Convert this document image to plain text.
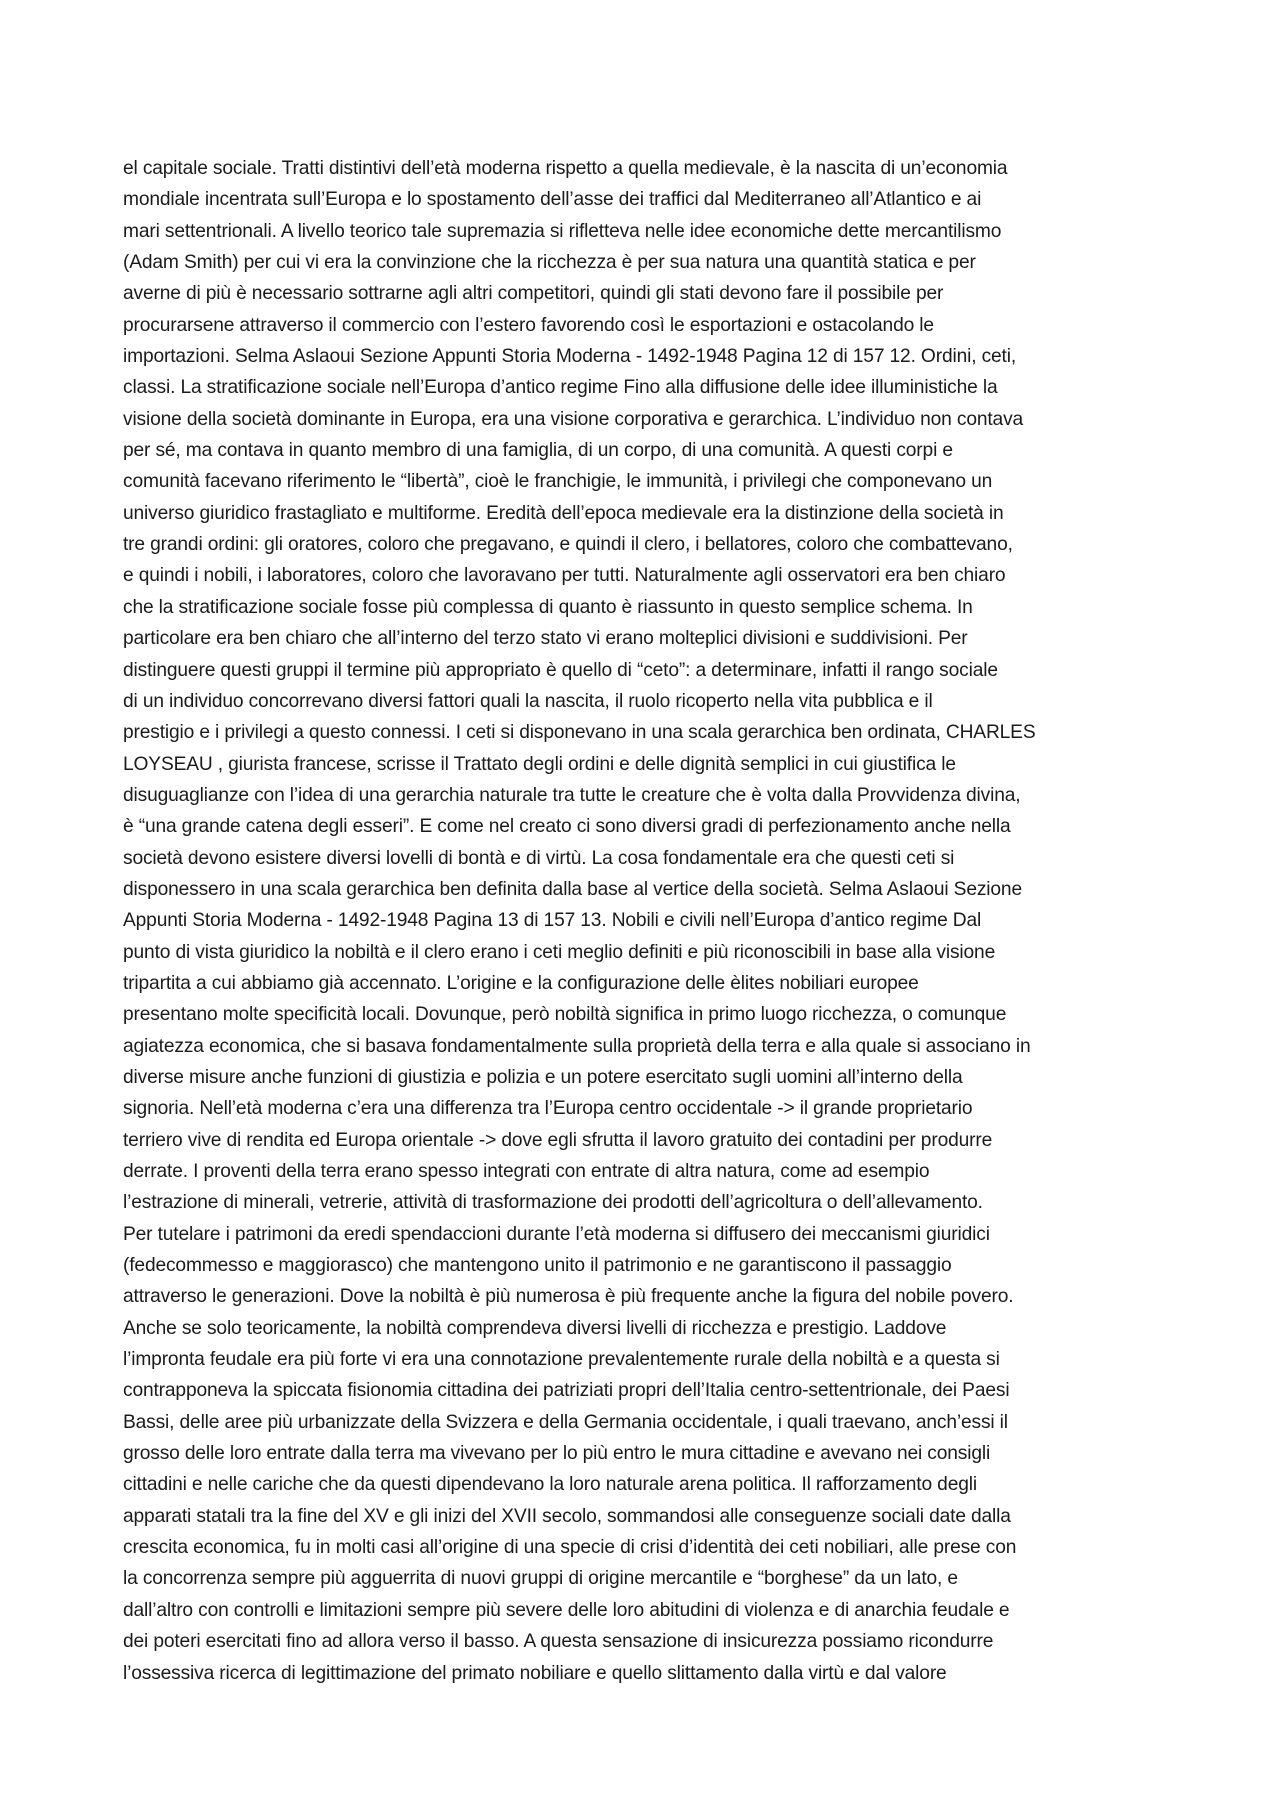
el capitale sociale. Tratti distintivi dell’età moderna rispetto a quella medievale, è la nascita di un’economia
mondiale incentrata sull’Europa e lo spostamento dell’asse dei traffici dal Mediterraneo all’Atlantico e ai
mari settentrionali. A livello teorico tale supremazia si rifletteva nelle idee economiche dette mercantilismo
(Adam Smith) per cui vi era la convinzione che la ricchezza è per sua natura una quantità statica e per
averne di più è necessario sottrarne agli altri competitori, quindi gli stati devono fare il possibile per
procurarsene attraverso il commercio con l’estero favorendo così le esportazioni e ostacolando le
importazioni. Selma Aslaoui Sezione Appunti Storia Moderna - 1492-1948 Pagina 12 di 157 12. Ordini, ceti,
classi. La stratificazione sociale nell’Europa d’antico regime Fino alla diffusione delle idee illuministiche la
visione della società dominante in Europa, era una visione corporativa e gerarchica. L’individuo non contava
per sé, ma contava in quanto membro di una famiglia, di un corpo, di una comunità. A questi corpi e
comunità facevano riferimento le “libertà”, cioè le franchigie, le immunità, i privilegi che componevano un
universo giuridico frastagliato e multiforme. Eredità dell’epoca medievale era la distinzione della società in
tre grandi ordini: gli oratores, coloro che pregavano, e quindi il clero, i bellatores, coloro che combattevano,
e quindi i nobili, i laboratores, coloro che lavoravano per tutti. Naturalmente agli osservatori era ben chiaro
che la stratificazione sociale fosse più complessa di quanto è riassunto in questo semplice schema. In
particolare era ben chiaro che all’interno del terzo stato vi erano molteplici divisioni e suddivisioni. Per
distinguere questi gruppi il termine più appropriato è quello di “ceto”: a determinare, infatti il rango sociale
di un individuo concorrevano diversi fattori quali la nascita, il ruolo ricoperto nella vita pubblica e il
prestigio e i privilegi a questo connessi. I ceti si disponevano in una scala gerarchica ben ordinata, CHARLES
LOYSEAU , giurista francese, scrisse il Trattato degli ordini e delle dignità semplici in cui giustifica le
disuguaglianze con l’idea di una gerarchia naturale tra tutte le creature che è volta dalla Provvidenza divina,
è “una grande catena degli esseri”. E come nel creato ci sono diversi gradi di perfezionamento anche nella
società devono esistere diversi lovelli di bontà e di virtù. La cosa fondamentale era che questi ceti si
disponessero in una scala gerarchica ben definita dalla base al vertice della società. Selma Aslaoui Sezione
Appunti Storia Moderna - 1492-1948 Pagina 13 di 157 13. Nobili e civili nell’Europa d’antico regime Dal
punto di vista giuridico la nobiltà e il clero erano i ceti meglio definiti e più riconoscibili in base alla visione
tripartita a cui abbiamo già accennato. L’origine e la configurazione delle èlites nobiliari europee
presentano molte specificità locali. Dovunque, però nobiltà significa in primo luogo ricchezza, o comunque
agiatezza economica, che si basava fondamentalmente sulla proprietà della terra e alla quale si associano in
diverse misure anche funzioni di giustizia e polizia e un potere esercitato sugli uomini all’interno della
signoria. Nell’età moderna c’era una differenza tra l’Europa centro occidentale -> il grande proprietario
terriero vive di rendita ed Europa orientale -> dove egli sfrutta il lavoro gratuito dei contadini per produrre
derrate. I proventi della terra erano spesso integrati con entrate di altra natura, come ad esempio
l’estrazione di minerali, vetrerie, attività di trasformazione dei prodotti dell’agricoltura o dell’allevamento.
Per tutelare i patrimoni da eredi spendaccioni durante l’età moderna si diffusero dei meccanismi giuridici
(fedecommesso e maggiorasco) che mantengono unito il patrimonio e ne garantiscono il passaggio
attraverso le generazioni. Dove la nobiltà è più numerosa è più frequente anche la figura del nobile povero.
Anche se solo teoricamente, la nobiltà comprendeva diversi livelli di ricchezza e prestigio. Laddove
l’impronta feudale era più forte vi era una connotazione prevalentemente rurale della nobiltà e a questa si
contrapponeva la spiccata fisionomia cittadina dei patriziati propri dell’Italia centro-settentrionale, dei Paesi
Bassi, delle aree più urbanizzate della Svizzera e della Germania occidentale, i quali traevano, anch’essi il
grosso delle loro entrate dalla terra ma vivevano per lo più entro le mura cittadine e avevano nei consigli
cittadini e nelle cariche che da questi dipendevano la loro naturale arena politica. Il rafforzamento degli
apparati statali tra la fine del XV e gli inizi del XVII secolo, sommandosi alle conseguenze sociali date dalla
crescita economica, fu in molti casi all’origine di una specie di crisi d’identità dei ceti nobiliari, alle prese con
la concorrenza sempre più agguerrita di nuovi gruppi di origine mercantile e “borghese” da un lato, e
dall’altro con controlli e limitazioni sempre più severe delle loro abitudini di violenza e di anarchia feudale e
dei poteri esercitati fino ad allora verso il basso. A questa sensazione di insicurezza possiamo ricondurre
l’ossessiva ricerca di legittimazione del primato nobiliare e quello slittamento dalla virtù e dal valore
